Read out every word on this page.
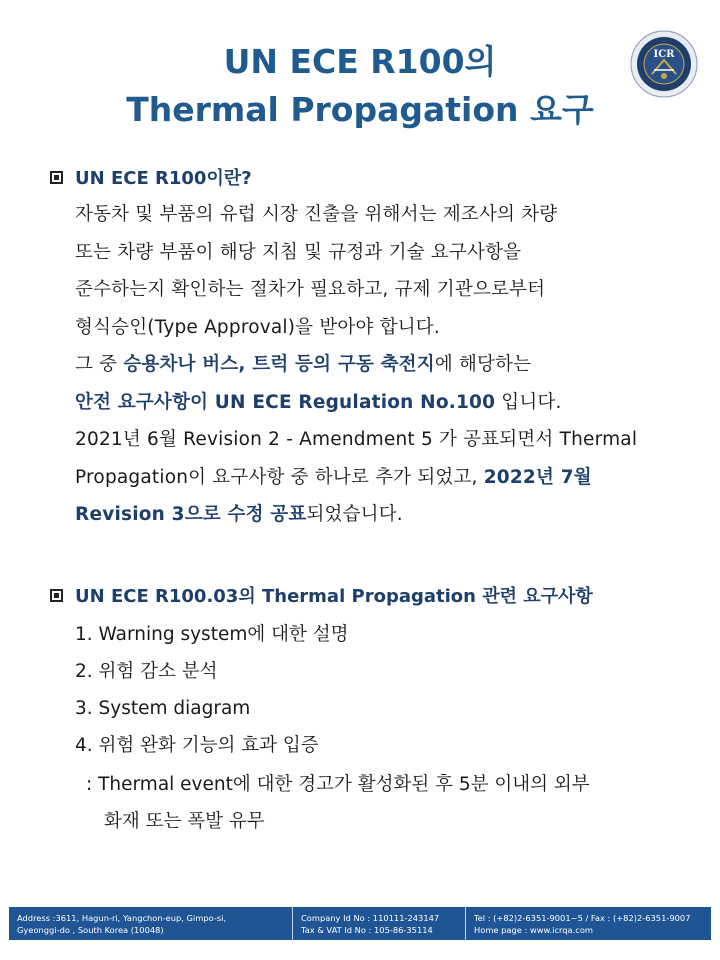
UN ECE R100의
Thermal Propagation 요구
ICR
UN ECE R100이란?
자동차 및 부품의 유럽 시장 진출을 위해서는 제조사의 차량
또는 차량 부품이 해당 지침 및 규정과 기술 요구사항을
준수하는지 확인하는 절차가 필요하고, 규제 기관으로부터
형식승인(Type Approval)을 받아야 합니다.
그 중 승용차나 버스, 트럭 등의 구동 축전지에 해당하는
안전 요구사항이 UN ECE Regulation No.100 입니다.
2021년 6월 Revision 2 - Amendment 5 가 공표되면서 Thermal
Propagation이 요구사항 중 하나로 추가 되었고, 2022년 7월
Revision 3으로 수정 공표되었습니다.
UN ECE R100.03의 Thermal Propagation 관련 요구사항
1. Warning system에 대한 설명
2. 위험 감소 분석
3. System diagram
4. 위험 완화 기능의 효과 입증
: Thermal event에 대한 경고가 활성화된 후 5분 이내의 외부
화재 또는 폭발 유무
Address :3611, Hagun-ri, Yangchon-eup, Gimpo-si,
Gyeonggi-do , South Korea (10048)
Company Id No : 110111-243147
Tax & VAT Id No : 105-86-35114
Tel : (+82)2-6351-9001~5 / Fax : (+82)2-6351-9007
Home page : www.icrqa.com
